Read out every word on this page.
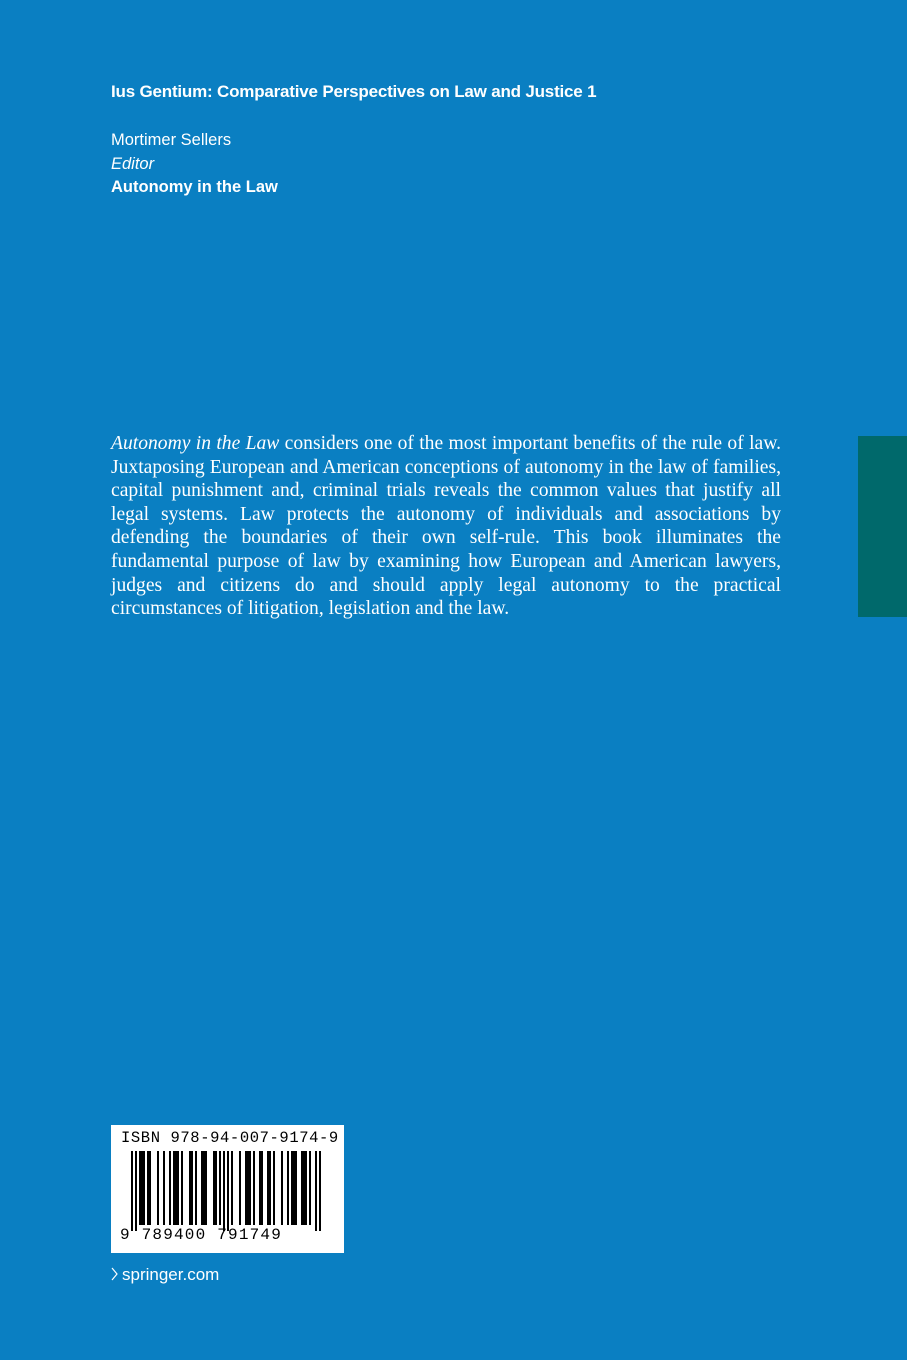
Ius Gentium: Comparative Perspectives on Law and Justice 1
Mortimer Sellers
Editor
Autonomy in the Law

Autonomy in the Law considers one of the most important benefits of the rule of law. Juxtaposing European and American conceptions of autonomy in the law of families, capital punishment and, criminal trials reveals the common values that justify all legal systems. Law protects the autonomy of individuals and associations by defending the boundaries of their own self-rule. This book illuminates the fundamental purpose of law by examining how European and American lawyers, judges and citizens do and should apply legal autonomy to the practical circumstances of litigation, legislation and the law.

ISBN 978-94-007-9174-9
9 789400 791749
springer.com
